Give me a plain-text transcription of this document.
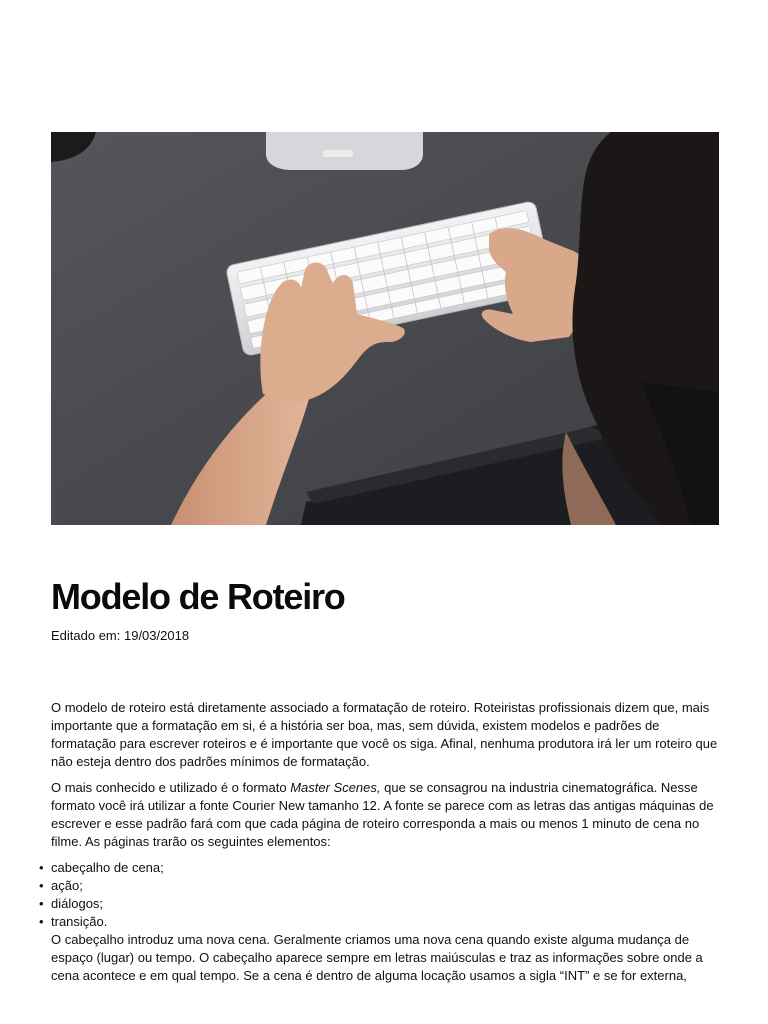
Modelo de Roteiro
Editado em: 19/03/2018

O modelo de roteiro está diretamente associado a formatação de roteiro. Roteiristas profissionais dizem que, mais importante que a formatação em si, é a história ser boa, mas, sem dúvida, existem modelos e padrões de formatação para escrever roteiros e é importante que você os siga. Afinal, nenhuma produtora irá ler um roteiro que não esteja dentro dos padrões mínimos de formatação.

O mais conhecido e utilizado é o formato Master Scenes, que se consagrou na industria cinematográfica. Nesse formato você irá utilizar a fonte Courier New tamanho 12. A fonte se parece com as letras das antigas máquinas de escrever e esse padrão fará com que cada página de roteiro corresponda a mais ou menos 1 minuto de cena no filme. As páginas trarão os seguintes elementos:

• cabeçalho de cena;
• ação;
• diálogos;
• transição.

O cabeçalho introduz uma nova cena. Geralmente criamos uma nova cena quando existe alguma mudança de espaço (lugar) ou tempo. O cabeçalho aparece sempre em letras maiúsculas e traz as informações sobre onde a cena acontece e em qual tempo. Se a cena é dentro de alguma locação usamos a sigla “INT” e se for externa,
